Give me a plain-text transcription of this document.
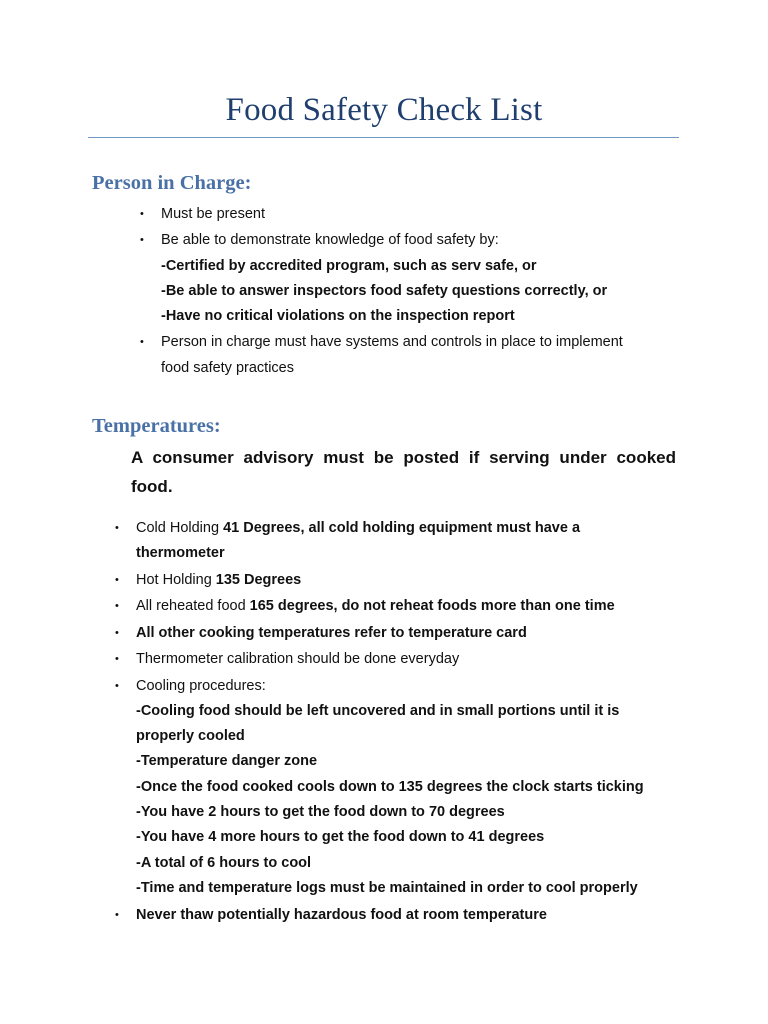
Food Safety Check List
Person in Charge:
• Must be present
• Be able to demonstrate knowledge of food safety by:
-Certified by accredited program, such as serv safe, or
-Be able to answer inspectors food safety questions correctly, or
-Have no critical violations on the inspection report
• Person in charge must have systems and controls in place to implement
food safety practices
Temperatures:
A consumer advisory must be posted if serving under cooked food.
• Cold Holding 41 Degrees, all cold holding equipment must have a
thermometer
• Hot Holding 135 Degrees
• All reheated food 165 degrees, do not reheat foods more than one time
• All other cooking temperatures refer to temperature card
• Thermometer calibration should be done everyday
• Cooling procedures:
-Cooling food should be left uncovered and in small portions until it is
properly cooled
-Temperature danger zone
-Once the food cooked cools down to 135 degrees the clock starts ticking
-You have 2 hours to get the food down to 70 degrees
-You have 4 more hours to get the food down to 41 degrees
-A total of 6 hours to cool
-Time and temperature logs must be maintained in order to cool properly
• Never thaw potentially hazardous food at room temperature
